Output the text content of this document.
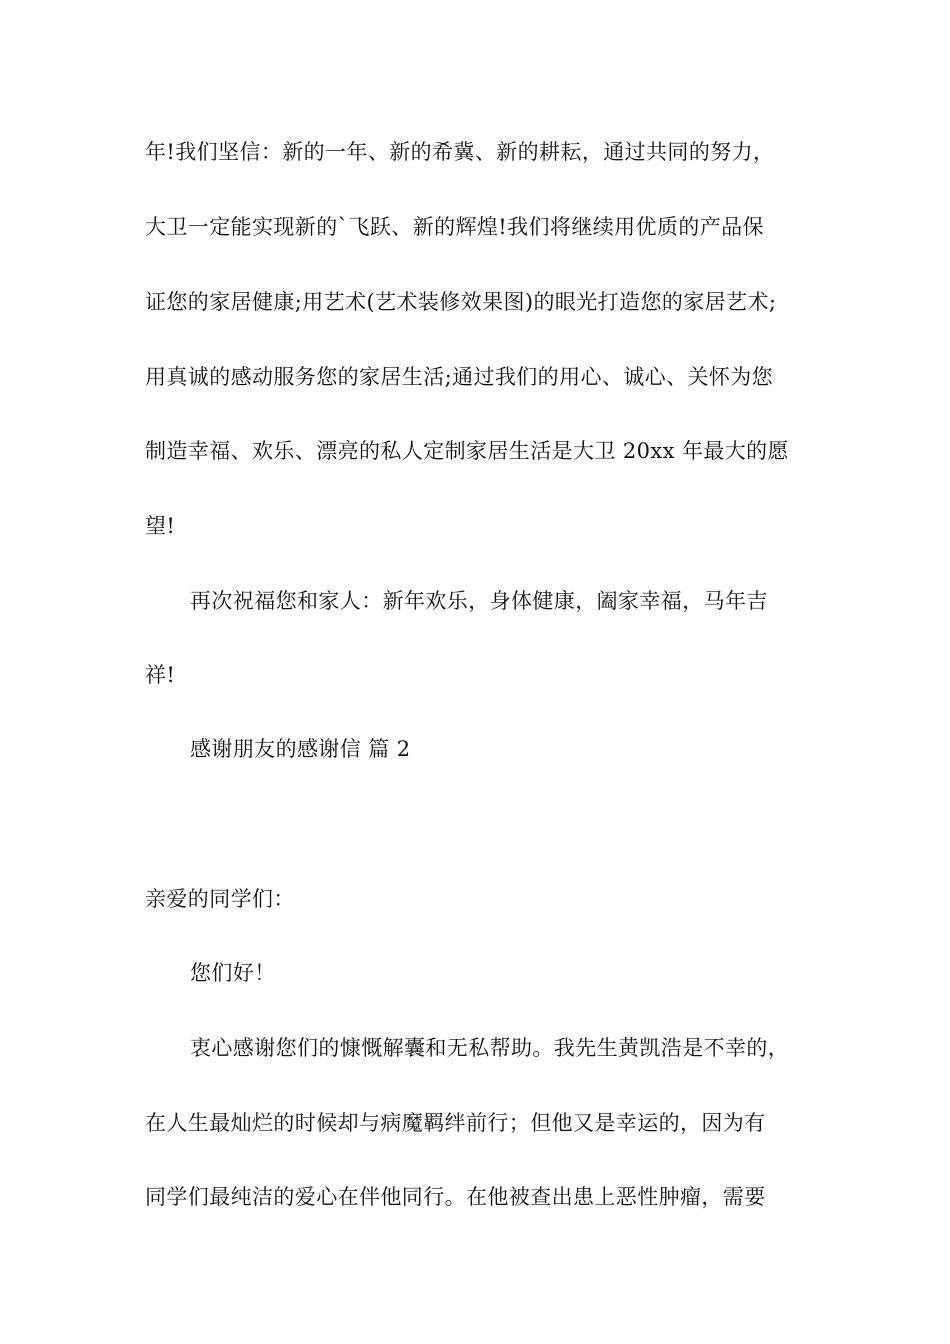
年!我们坚信：新的一年、新的希冀、新的耕耘，通过共同的努力，
大卫一定能实现新的`飞跃、新的辉煌!我们将继续用优质的产品保
证您的家居健康;用艺术(艺术装修效果图)的眼光打造您的家居艺术;
用真诚的感动服务您的家居生活;通过我们的用心、诚心、关怀为您
制造幸福、欢乐、漂亮的私人定制家居生活是大卫 20xx 年最大的愿
望!
再次祝福您和家人：新年欢乐，身体健康，阖家幸福，马年吉
祥!
感谢朋友的感谢信 篇 2
亲爱的同学们：
您们好！
衷心感谢您们的慷慨解囊和无私帮助。我先生黄凯浩是不幸的，
在人生最灿烂的时候却与病魔羁绊前行；但他又是幸运的，因为有
同学们最纯洁的爱心在伴他同行。在他被查出患上恶性肿瘤，需要
